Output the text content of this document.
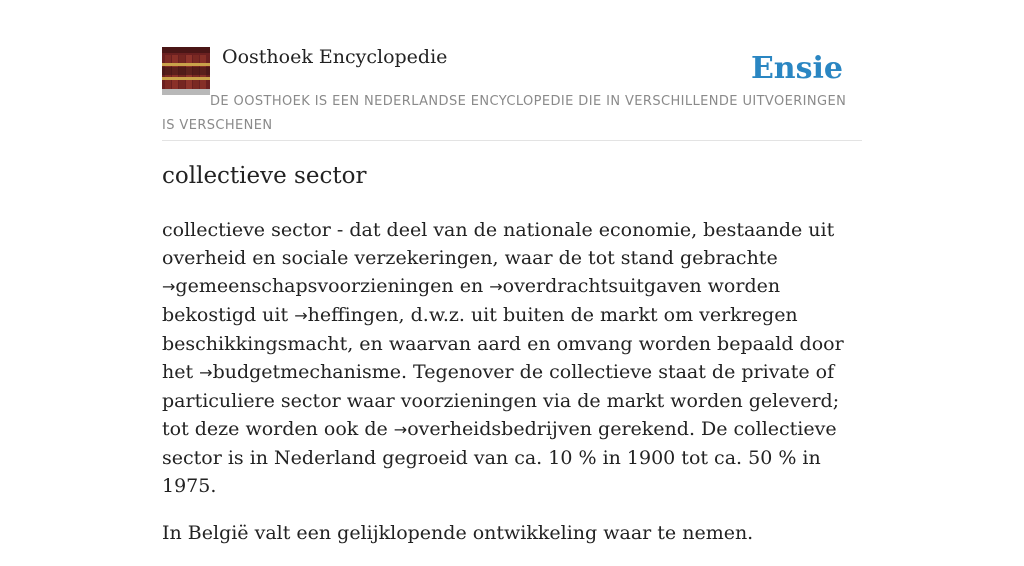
Oosthoek Encyclopedie	Ensie
DE OOSTHOEK IS EEN NEDERLANDSE ENCYCLOPEDIE DIE IN VERSCHILLENDE UITVOERINGEN IS VERSCHENEN
collectieve sector

collectieve sector - dat deel van de nationale economie, bestaande uit overheid en sociale verzekeringen, waar de tot stand gebrachte →gemeenschapsvoorzieningen en →overdrachtsuitgaven worden bekostigd uit →heffingen, d.w.z. uit buiten de markt om verkregen beschikkingsmacht, en waarvan aard en omvang worden bepaald door het →budgetmechanisme. Tegenover de collectieve staat de private of particuliere sector waar voorzieningen via de markt worden geleverd; tot deze worden ook de →overheidsbedrijven gerekend. De collectieve sector is in Nederland gegroeid van ca. 10 % in 1900 tot ca. 50 % in 1975.

In België valt een gelijklopende ontwikkeling waar te nemen.
